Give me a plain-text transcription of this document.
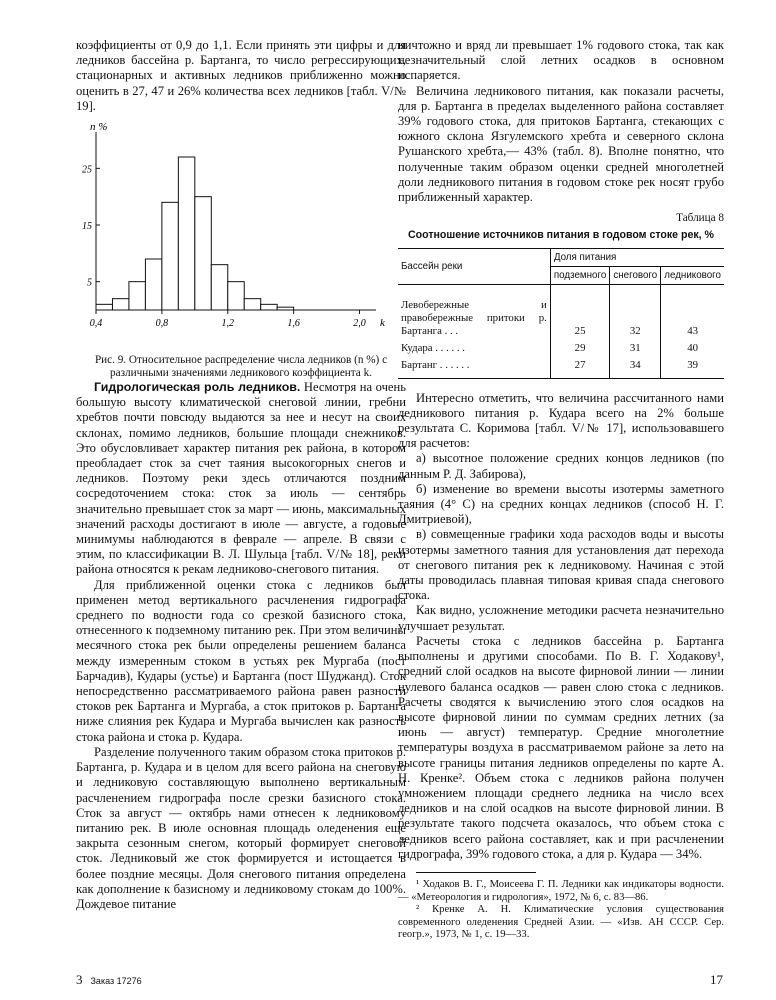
коэффициенты от 0,9 до 1,1. Если принять эти цифры и для ледников бассейна р. Бартанга, то число регрессирующих, стационарных и активных ледников приближенно можно оценить в 27, 47 и 26% количества всех ледников [табл. V/№ 19].

n %
5
15
25
0,4	0,8	1,2	1,6	2,0 k

Рис. 9. Относительное распределение числа ледников (n %) с различными значениями ледникового коэффициента k.

Гидрологическая роль ледников. Несмотря на очень большую высоту климатической снеговой линии, гребни хребтов почти повсюду выдаются за нее и несут на своих склонах, помимо ледников, большие площади снежников. Это обусловливает характер питания рек района, в котором преобладает сток за счет таяния высокогорных снегов и ледников. Поэтому реки здесь отличаются поздним сосредоточением стока: сток за июль — сентябрь значительно превышает сток за март — июнь, максимальных значений расходы достигают в июле — августе, а годовые минимумы наблюдаются в феврале — апреле. В связи с этим, по классификации В. Л. Шульца [табл. V/№ 18], реки района относятся к рекам ледниково-снегового питания.

Для приближенной оценки стока с ледников был применен метод вертикального расчленения гидрографа среднего по водности года со срезкой базисного стока, отнесенного к подземному питанию рек. При этом величины месячного стока рек были определены решением баланса между измеренным стоком в устьях рек Мургаба (пост Барчадив), Кудары (устье) и Бартанга (пост Шуджанд). Сток непосредственно рассматриваемого района равен разности стоков рек Бартанга и Мургаба, а сток притоков р. Бартанга ниже слияния рек Кудара и Мургаба вычислен как разность стока района и стока р. Кудара.

Разделение полученного таким образом стока притоков р. Бартанга, р. Кудара и в целом для всего района на снеговую и ледниковую составляющую выполнено вертикальным расчленением гидрографа после срезки базисного стока. Сток за август — октябрь нами отнесен к ледниковому питанию рек. В июле основная площадь оледенения еще закрыта сезонным снегом, который формирует снеговой сток. Ледниковый же сток формируется и истощается в более поздние месяцы. Доля снегового питания определена как дополнение к базисному и ледниковому стокам до 100%. Дождевое питание

ничтожно и вряд ли превышает 1% годового стока, так как незначительный слой летних осадков в основном испаряется.

Величина ледникового питания, как показали расчеты, для р. Бартанга в пределах выделенного района составляет 39% годового стока, для притоков Бартанга, стекающих с южного склона Язгулемского хребта и северного склона Рушанского хребта,— 43% (табл. 8). Вполне понятно, что полученные таким образом оценки средней многолетней доли ледникового питания в годовом стоке рек носят грубо приближенный характер.

Таблица 8
Соотношение источников питания в годовом стоке рек, %
Бассейн реки	Доля питания		
	подземного	снегового	ледникового
Левобережные и правобережные притоки р. Бартанга . . .	25	32	43
Кудара . . . . . .	29	31	40
Бартанг . . . . . .	27	34	39

Интересно отметить, что величина рассчитанного нами ледникового питания р. Кудара всего на 2% больше результата С. Коримова [табл. V/№ 17], использовавшего для расчетов:

а) высотное положение средних концов ледников (по данным Р. Д. Забирова),

б) изменение во времени высоты изотермы заметного таяния (4° C) на средних концах ледников (способ Н. Г. Дмитриевой),

в) совмещенные графики хода расходов воды и высоты изотермы заметного таяния для установления дат перехода от снегового питания рек к ледниковому. Начиная с этой даты проводилась плавная типовая кривая спада снегового стока.

Как видно, усложнение методики расчета незначительно улучшает результат.

Расчеты стока с ледников бассейна р. Бартанга выполнены и другими способами. По В. Г. Ходакову¹, средний слой осадков на высоте фирновой линии — линии нулевого баланса осадков — равен слою стока с ледников. Расчеты сводятся к вычислению этого слоя осадков на высоте фирновой линии по суммам средних летних (за июнь — август) температур. Средние многолетние температуры воздуха в рассматриваемом районе за лето на высоте границы питания ледников определены по карте А. Н. Кренке². Объем стока с ледников района получен умножением площади среднего ледника на число всех ледников и на слой осадков на высоте фирновой линии. В результате такого подсчета оказалось, что объем стока с ледников всего района составляет, как и при расчленении гидрографа, 39% годового стока, а для р. Кудара — 34%.

¹ Ходаков В. Г., Моисеева Г. П. Ледники как индикаторы водности. — «Метеорология и гидрология», 1972, № 6, с. 83—86.

² Кренке А. Н. Климатические условия существования современного оледенения Средней Азии. — «Изв. АН СССР. Сер. геогр.», 1973, № 1, с. 19—33.

3 Заказ 17276	17
